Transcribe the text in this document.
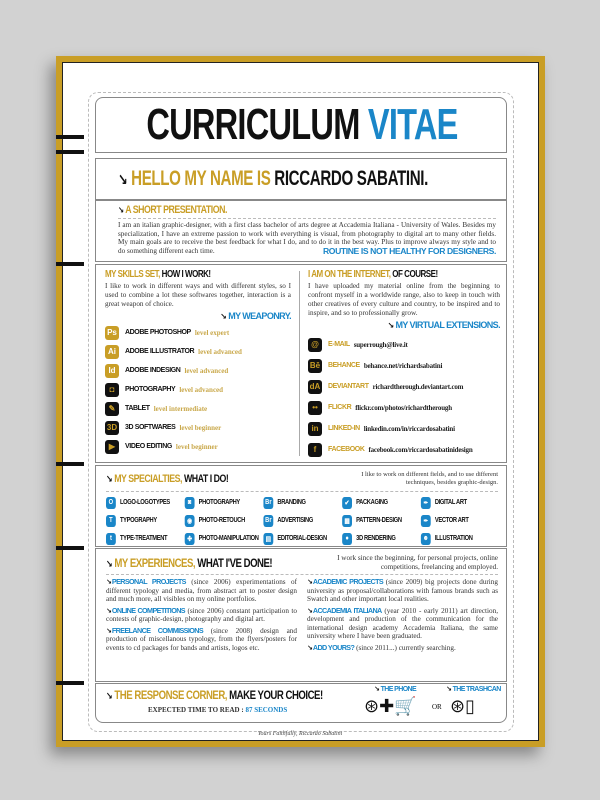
CURRICULUM VITAE
↘ HELLO MY NAME IS RICCARDO SABATINI.
↘ A SHORT PRESENTATION.
I am an italian graphic-designer, with a first class bachelor of arts degree at Accademia Italiana - University of Wales. Besides my specialization, I have an extreme passion to work with everything is visual, from photography to digital art to many other fields. My main goals are to receive the best feedback for what I do, and to do it in the best way. Plus to improve always my style and to do something different each time.	ROUTINE IS NOT HEALTHY FOR DESIGNERS.
MY SKILLS SET, HOW I WORK!
I like to work in different ways and with different styles, so I used to combine a lot these softwares together, interaction is a great weapon of choice.
↘ MY WEAPONRY.
Ps	ADOBE PHOTOSHOP level expert
Ai	ADOBE ILLUSTRATOR level advanced
Id	ADOBE INDESIGN level advanced
◘	PHOTOGRAPHY level advanced
✎	TABLET level intermediate
3D 3D SOFTWARES level beginner
▶	VIDEO EDITING level beginner
I AM ON THE INTERNET, OF COURSE!
I have uploaded my material online from the beginning to confront myself in a worldwide range, also to keep in touch with other creatives of every culture and country, to be inspired and to inspire, and so to professionally grow.
↘ MY VIRTUAL EXTENSIONS.
@	E-MAIL superrough@live.it
Bē BEHANCE behance.net/richardsabatini
dA DEVIANTART richardtherough.deviantart.com
••	FLICKR flickr.com/photos/richardtherough
in	LINKED-IN linkedin.com/in/riccardosabatini
f	FACEBOOK facebook.com/riccardosabatinidesign
↘ MY SPECIALTIES, WHAT I DO!	I like to work on different fields, and to use different techniques, besides graphic-design.
O LOGO-LOGOTYPES	◙	PHOTOGRAPHY	Br BRANDING	✔ PACKAGING	✒ DIGITAL ART
T	TYPOGRAPHY	◉ PHOTO-RETOUCH	Br ADVERTISING	▦ PATTERN-DESIGN	✒ VECTOR ART
t	TYPE-TREATMENT	✤ PHOTO-MANIPULATION	▤ EDITORIAL-DESIGN	●	3D RENDERING	☻ ILLUSTRATION
↘ MY EXPERIENCES, WHAT I'VE DONE!	I work since the beginning, for personal projects, online competitions, freelancing and employed.
↘PERSONAL PROJECTS (since 2006) experimentations of different typology and media, from abstract art to poster design and much more, all visibles on my online portfolios.
↘ONLINE COMPETITIONS (since 2006) constant participation to contests of graphic-design, photography and digital art.
↘FREELANCE COMMISSIONS (since 2008) design and production of miscellanous typology, from the flyers/posters for events to cd packages for bands and artists, logos etc.
↘ACADEMIC PROJECTS (since 2009) big projects done during university as proposal/collaborations with famous brands such as Swatch and other important local realities.
↘ACCADEMIA ITALIANA (year 2010 - early 2011) art direction, development and production of the communication for the international design academy Accademia Italiana, the same university where I have been graduated.
↘ADD YOURS? (since 2011...) currently searching.
↘ THE RESPONSE CORNER, MAKE YOUR CHOICE!
EXPECTED TIME TO READ : 87 SECONDS
↘ THE PHONE
⊛✚🛒 OR
↘ THE TRASHCAN
⊛▯
Yours Faithfully, Riccardo Sabatini
